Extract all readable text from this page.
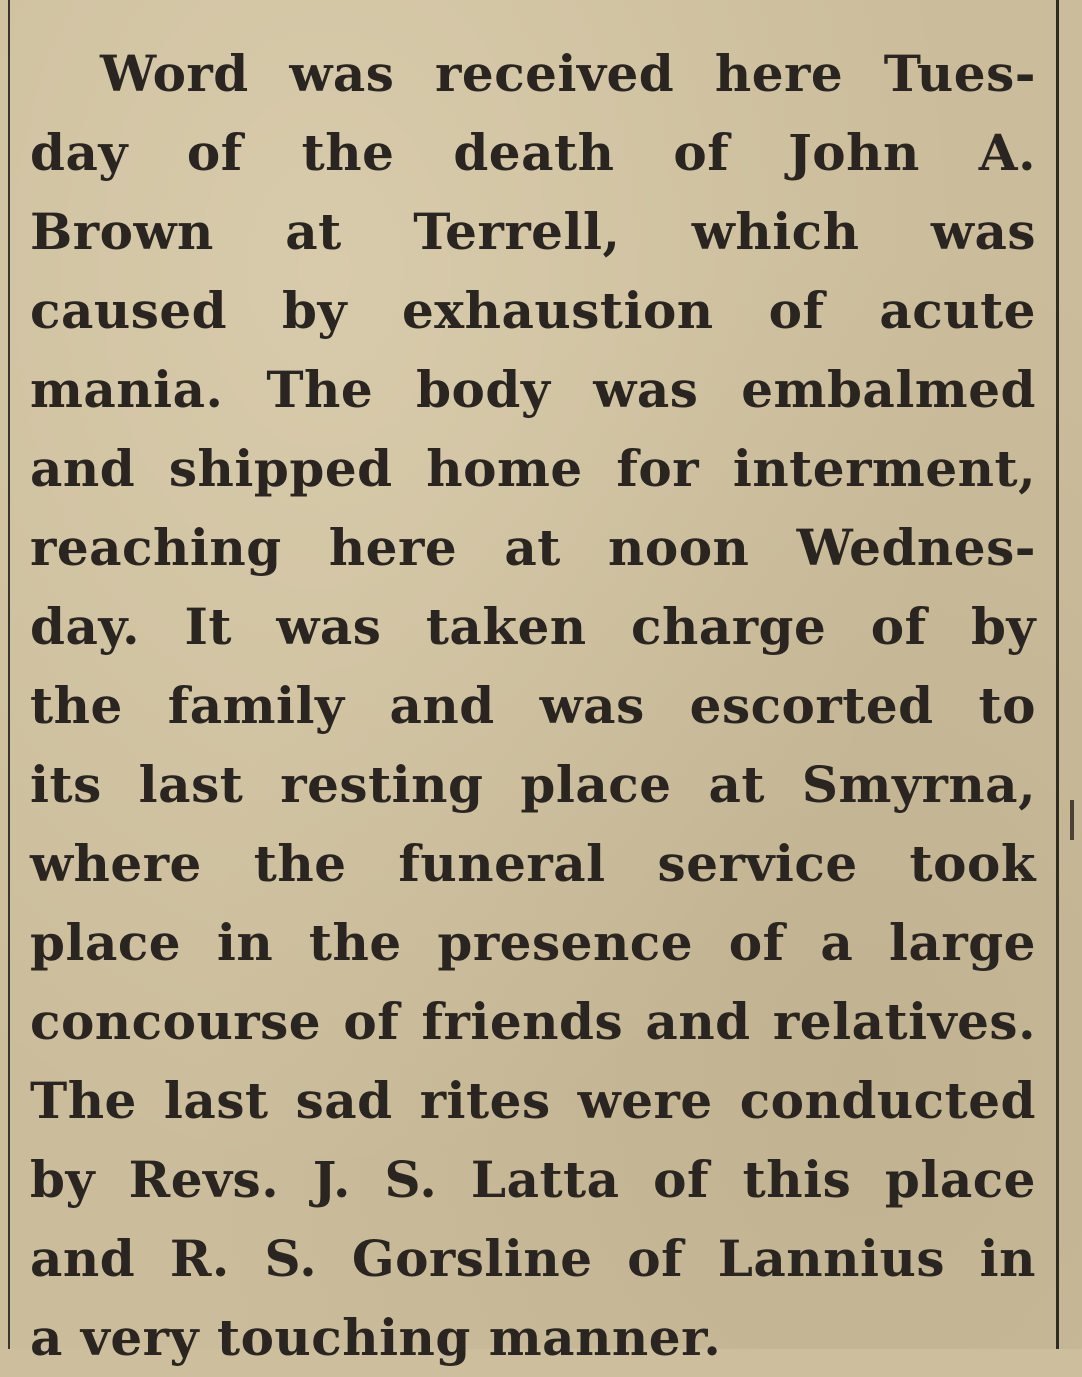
Word was received here Tues-
day of the death of John A.
Brown at Terrell, which was
caused by exhaustion of acute
mania. The body was embalmed
and shipped home for interment,
reaching here at noon Wednes-
day. It was taken charge of by
the family and was escorted to
its last resting place at Smyrna,
where the funeral service took
place in the presence of a large
concourse of friends and relatives.
The last sad rites were conducted
by Revs. J. S. Latta of this place
and R. S. Gorsline of Lannius in
a very touching manner.
